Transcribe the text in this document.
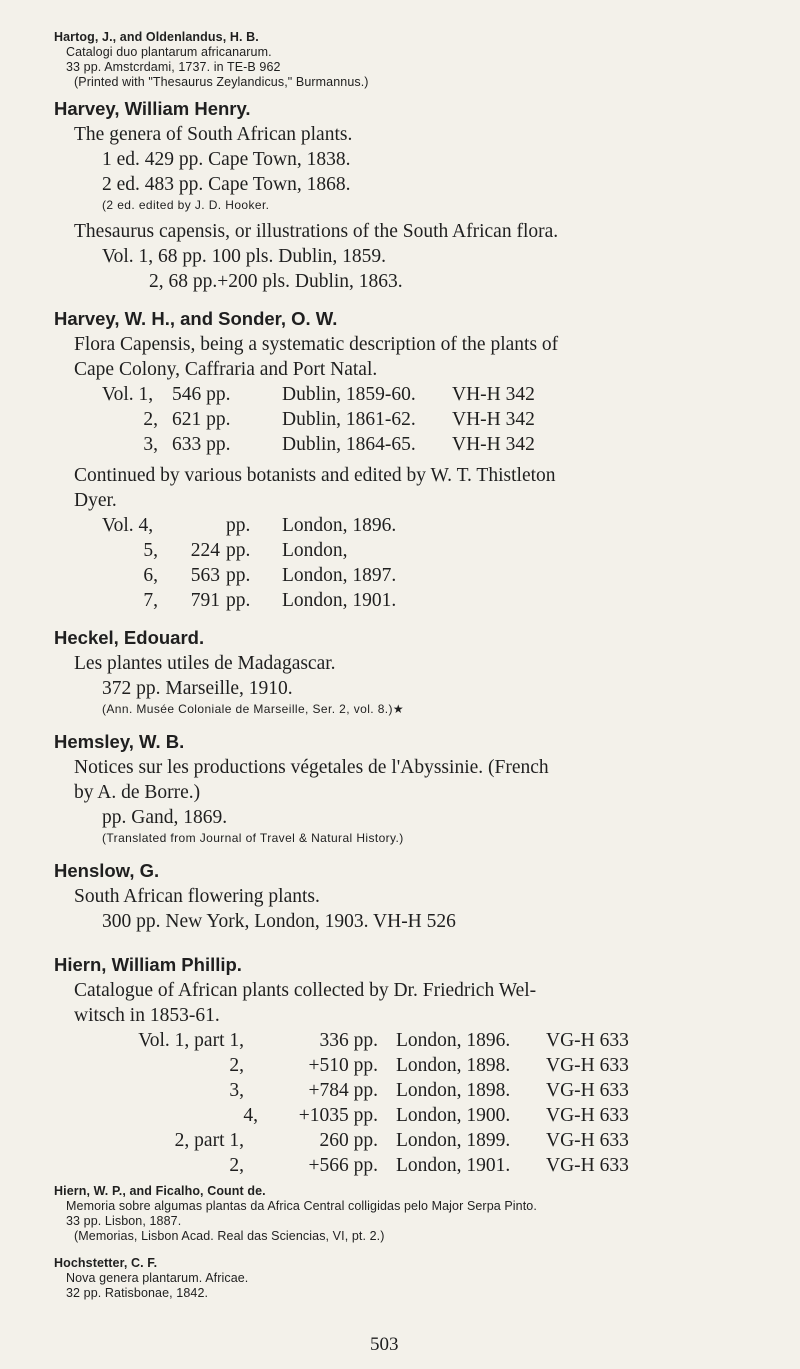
Hartog, J., and Oldenlandus, H. B.
Catalogi duo plantarum africanarum.
33 pp. Amstcrdami, 1737. in TE-B 962
(Printed with "Thesaurus Zeylandicus," Burmannus.)
Harvey, William Henry.
The genera of South African plants.
1 ed. 429 pp. Cape Town, 1838.
2 ed. 483 pp. Cape Town, 1868.
(2 ed. edited by J. D. Hooker.
Thesaurus capensis, or illustrations of the South African flora.
Vol. 1, 68 pp. 100 pls. Dublin, 1859.
2, 68 pp.+200 pls. Dublin, 1863.
Harvey, W. H., and Sonder, O. W.
Flora Capensis, being a systematic description of the plants of
Cape Colony, Caffraria and Port Natal.
Vol. 1,	546 pp.	Dublin, 1859-60.	VH-H 342
2,	621 pp.	Dublin, 1861-62.	VH-H 342
3,	633 pp.	Dublin, 1864-65.	VH-H 342
Continued by various botanists and edited by W. T. Thistleton
Dyer.
Vol. 4,		pp.	London, 1896.
5,	224	pp.	London,
6,	563	pp.	London, 1897.
7,	791	pp.	London, 1901.
Heckel, Edouard.
Les plantes utiles de Madagascar.
372 pp. Marseille, 1910.
(Ann. Musée Coloniale de Marseille, Ser. 2, vol. 8.)★
Hemsley, W. B.
Notices sur les productions végetales de l'Abyssinie. (French
by A. de Borre.)
pp. Gand, 1869.
(Translated from Journal of Travel & Natural History.)
Henslow, G.
South African flowering plants.
300 pp. New York, London, 1903. VH-H 526
Hiern, William Phillip.
Catalogue of African plants collected by Dr. Friedrich Wel-
witsch in 1853-61.
Vol. 1, part 1,	336 pp.	London, 1896.	VG-H 633
2,	+510 pp.	London, 1898.	VG-H 633
3,	+784 pp.	London, 1898.	VG-H 633
4,	+1035 pp.	London, 1900.	VG-H 633
2, part 1,	260 pp.	London, 1899.	VG-H 633
2,	+566 pp.	London, 1901.	VG-H 633
Hiern, W. P., and Ficalho, Count de.
Memoria sobre algumas plantas da Africa Central colligidas pelo Major Serpa Pinto.
33 pp. Lisbon, 1887.
(Memorias, Lisbon Acad. Real das Sciencias, VI, pt. 2.)
Hochstetter, C. F.
Nova genera plantarum. Africae.
32 pp. Ratisbonae, 1842.
503
